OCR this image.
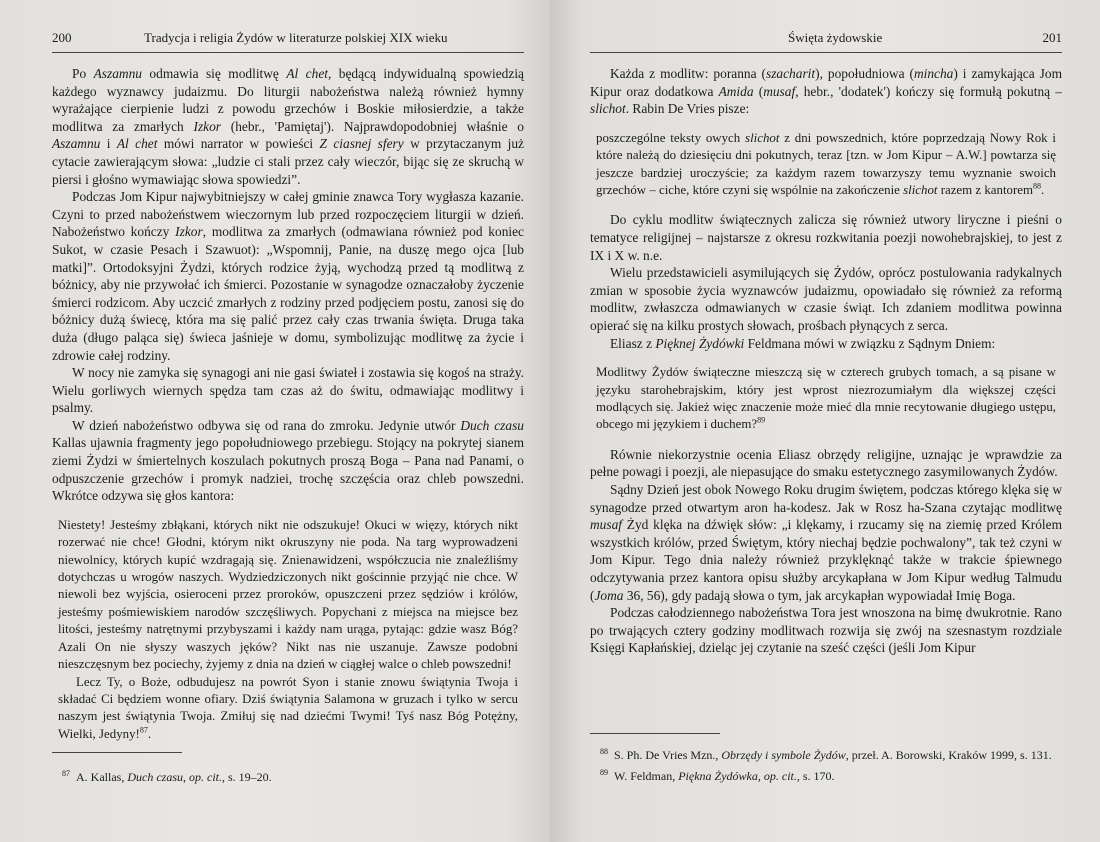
200	Tradycja i religia Żydów w literaturze polskiej XIX wieku

Po Aszamnu odmawia się modlitwę Al chet, będącą indywidualną spowiedzią każdego wyznawcy judaizmu. Do liturgii nabożeństwa należą również hymny wyrażające cierpienie ludzi z powodu grzechów i Boskie miłosierdzie, a także modlitwa za zmarłych Izkor (hebr., 'Pamiętaj'). Najprawdopodobniej właśnie o Aszamnu i Al chet mówi narrator w powieści Z ciasnej sfery w przytaczanym już cytacie zawierającym słowa: „ludzie ci stali przez cały wieczór, bijąc się ze skruchą w piersi i głośno wymawiając słowa spowiedzi”.

Podczas Jom Kipur najwybitniejszy w całej gminie znawca Tory wygłasza kazanie. Czyni to przed nabożeństwem wieczornym lub przed rozpoczęciem liturgii w dzień. Nabożeństwo kończy Izkor, modlitwa za zmarłych (odmawiana również pod koniec Sukot, w czasie Pesach i Szawuot): „Wspomnij, Panie, na duszę mego ojca [lub matki]”. Ortodoksyjni Żydzi, których rodzice żyją, wychodzą przed tą modlitwą z bóżnicy, aby nie przywołać ich śmierci. Pozostanie w synagodze oznaczałoby życzenie śmierci rodzicom. Aby uczcić zmarłych z rodziny przed podjęciem postu, zanosi się do bóżnicy dużą świecę, która ma się palić przez cały czas trwania święta. Druga taka duża (długo paląca się) świeca jaśnieje w domu, symbolizując modlitwę za życie i zdrowie całej rodziny.

W nocy nie zamyka się synagogi ani nie gasi świateł i zostawia się kogoś na straży. Wielu gorliwych wiernych spędza tam czas aż do świtu, odmawiając modlitwy i psalmy.

W dzień nabożeństwo odbywa się od rana do zmroku. Jedynie utwór Duch czasu Kallas ujawnia fragmenty jego popołudniowego przebiegu. Stojący na pokrytej sianem ziemi Żydzi w śmiertelnych koszulach pokutnych proszą Boga – Pana nad Panami, o odpuszczenie grzechów i promyk nadziei, trochę szczęścia oraz chleb powszedni. Wkrótce odzywa się głos kantora:

Niestety! Jesteśmy zbłąkani, których nikt nie odszukuje! Okuci w więzy, których nikt rozerwać nie chce! Głodni, którym nikt okruszyny nie poda. Na targ wyprowadzeni niewolnicy, których kupić wzdragają się. Znienawidzeni, współczucia nie znaleźliśmy dotychczas u wrogów naszych. Wydziedziczonych nikt gościnnie przyjąć nie chce. W niewoli bez wyjścia, osieroceni przez proroków, opuszczeni przez sędziów i królów, jesteśmy pośmiewiskiem narodów szczęśliwych. Popychani z miejsca na miejsce bez litości, jesteśmy natrętnymi przybyszami i każdy nam urąga, pytając: gdzie wasz Bóg? Azali On nie słyszy waszych jęków? Nikt nas nie uszanuje. Zawsze podobni nieszczęsnym bez pociechy, żyjemy z dnia na dzień w ciągłej walce o chleb powszedni!

Lecz Ty, o Boże, odbudujesz na powrót Syon i stanie znowu świątynia Twoja i składać Ci będziem wonne ofiary. Dziś świątynia Salamona w gruzach i tylko w sercu naszym jest świątynia Twoja. Zmiłuj się nad dziećmi Twymi! Tyś nasz Bóg Potężny, Wielki, Jedyny!$^{87}$.

$^{87}$ A. Kallas, Duch czasu, op. cit., s. 19–20.

Święta żydowskie	201

Każda z modlitw: poranna (szacharit), popołudniowa (mincha) i zamykająca Jom Kipur oraz dodatkowa Amida (musaf, hebr., 'dodatek') kończy się formułą pokutną – slichot. Rabin De Vries pisze:

poszczególne teksty owych slichot z dni powszednich, które poprzedzają Nowy Rok i które należą do dziesięciu dni pokutnych, teraz [tzn. w Jom Kipur – A.W.] powtarza się jeszcze bardziej uroczyście; za każdym razem towarzyszy temu wyznanie swoich grzechów – ciche, które czyni się wspólnie na zakończenie slichot razem z kantorem$^{88}$.

Do cyklu modlitw świątecznych zalicza się również utwory liryczne i pieśni o tematyce religijnej – najstarsze z okresu rozkwitania poezji nowohebrajskiej, to jest z IX i X w. n.e.

Wielu przedstawicieli asymilujących się Żydów, oprócz postulowania radykalnych zmian w sposobie życia wyznawców judaizmu, opowiadało się również za reformą modlitw, zwłaszcza odmawianych w czasie świąt. Ich zdaniem modlitwa powinna opierać się na kilku prostych słowach, prośbach płynących z serca.

Eliasz z Pięknej Żydówki Feldmana mówi w związku z Sądnym Dniem:

Modlitwy Żydów świąteczne mieszczą się w czterech grubych tomach, a są pisane w języku starohebrajskim, który jest wprost niezrozumiałym dla większej części modlących się. Jakież więc znaczenie może mieć dla mnie recytowanie długiego ustępu, obcego mi językiem i duchem?$^{89}$

Równie niekorzystnie ocenia Eliasz obrzędy religijne, uznając je wprawdzie za pełne powagi i poezji, ale niepasujące do smaku estetycznego zasymilowanych Żydów.

Sądny Dzień jest obok Nowego Roku drugim świętem, podczas którego klęka się w synagodze przed otwartym aron ha-kodesz. Jak w Rosz ha-Szana czytając modlitwę musaf Żyd klęka na dźwięk słów: „i klękamy, i rzucamy się na ziemię przed Królem wszystkich królów, przed Świętym, który niechaj będzie pochwalony”, tak też czyni w Jom Kipur. Tego dnia należy również przyklęknąć także w trakcie śpiewnego odczytywania przez kantora opisu służby arcykapłana w Jom Kipur według Talmudu (Joma 36, 56), gdy padają słowa o tym, jak arcykapłan wypowiadał Imię Boga.

Podczas całodziennego nabożeństwa Tora jest wnoszona na bimę dwukrotnie. Rano po trwających cztery godziny modlitwach rozwija się zwój na szesnastym rozdziale Księgi Kapłańskiej, dzieląc jej czytanie na sześć części (jeśli Jom Kipur

$^{88}$ S. Ph. De Vries Mzn., Obrzędy i symbole Żydów, przeł. A. Borowski, Kraków 1999, s. 131.

$^{89}$ W. Feldman, Piękna Żydówka, op. cit., s. 170.
